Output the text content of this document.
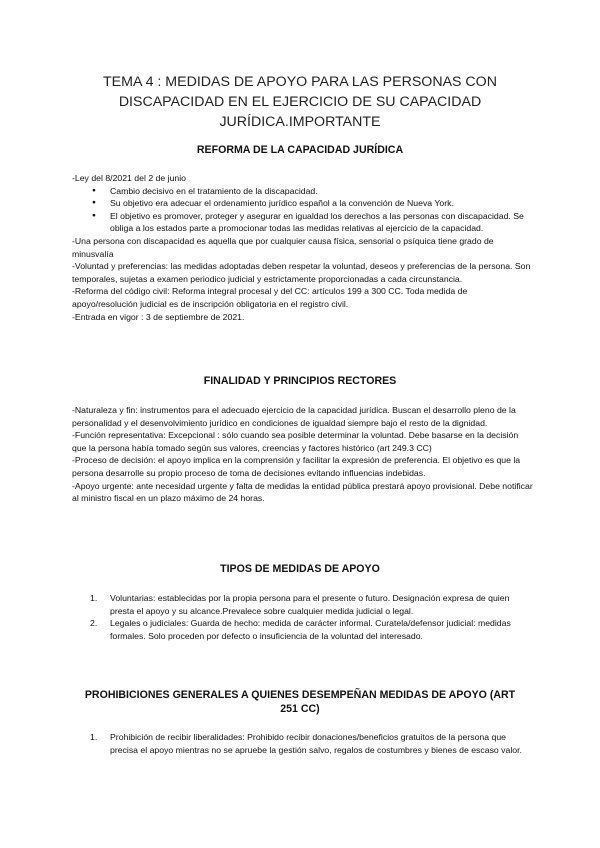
TEMA 4 : MEDIDAS DE APOYO PARA LAS PERSONAS CON
DISCAPACIDAD EN EL EJERCICIO DE SU CAPACIDAD
JURÍDICA.IMPORTANTE
REFORMA DE LA CAPACIDAD JURÍDICA

-Ley del 8/2021 del 2 de junio

● Cambio decisivo en el tratamiento de la discapacidad.
● Su objetivo era adecuar el ordenamiento jurídico español a la convención de Nueva York.
● El objetivo es promover, proteger y asegurar en igualdad los derechos a las personas con discapacidad. Se obliga a los estados parte a promocionar todas las medidas relativas al ejercicio de la capacidad.

-Una persona con discapacidad es aquella que por cualquier causa física, sensorial o psíquica tiene grado de minusvalía

-Voluntad y preferencias: las medidas adoptadas deben respetar la voluntad, deseos y preferencias de la persona. Son temporales, sujetas a examen periodico judicial y estrictamente proporcionadas a cada circunstancia.

-Reforma del código civil: Reforma integral procesal y del CC: artículos 199 a 300 CC. Toda medida de apoyo/resolución judicial es de inscripción obligatoria en el registro civil.

-Entrada en vigor : 3 de septiembre de 2021.

FINALIDAD Y PRINCIPIOS RECTORES

-Naturaleza y fin: instrumentos para el adecuado ejercicio de la capacidad jurídica. Buscan el desarrollo pleno de la personalidad y el desenvolvimiento jurídico en condiciones de igualdad siempre bajo el resto de la dignidad.

-Función representativa: Excepcional : sólo cuando sea posible determinar la voluntad. Debe basarse en la decisión que la persona había tomado según sus valores, creencias y factores histórico (art 249.3 CC)

-Proceso de decisión: el apoyo implica en la comprensión y facilitar la expresión de preferencia. El objetivo es que la persona desarrolle su propio proceso de toma de decisiones evitando influencias indebidas.

-Apoyo urgente: ante necesidad urgente y falta de medidas la entidad pública prestará apoyo provisional. Debe notificar al ministro fiscal en un plazo máximo de 24 horas.

TIPOS DE MEDIDAS DE APOYO
1. Voluntarias: establecidas por la propia persona para el presente o futuro. Designación expresa de quien presta el apoyo y su alcance.Prevalece sobre cualquier medida judicial o legal.
2. Legales o judiciales: Guarda de hecho: medida de carácter informal. Curatela/defensor judicial: medidas formales. Solo proceden por defecto o insuficiencia de la voluntad del interesado.
PROHIBICIONES GENERALES A QUIENES DESEMPEÑAN MEDIDAS DE APOYO (ART
251 CC)
1. Prohibición de recibir liberalidades: Prohibido recibir donaciones/beneficios gratuitos de la persona que precisa el apoyo mientras no se apruebe la gestión salvo, regalos de costumbres y bienes de escaso valor.
